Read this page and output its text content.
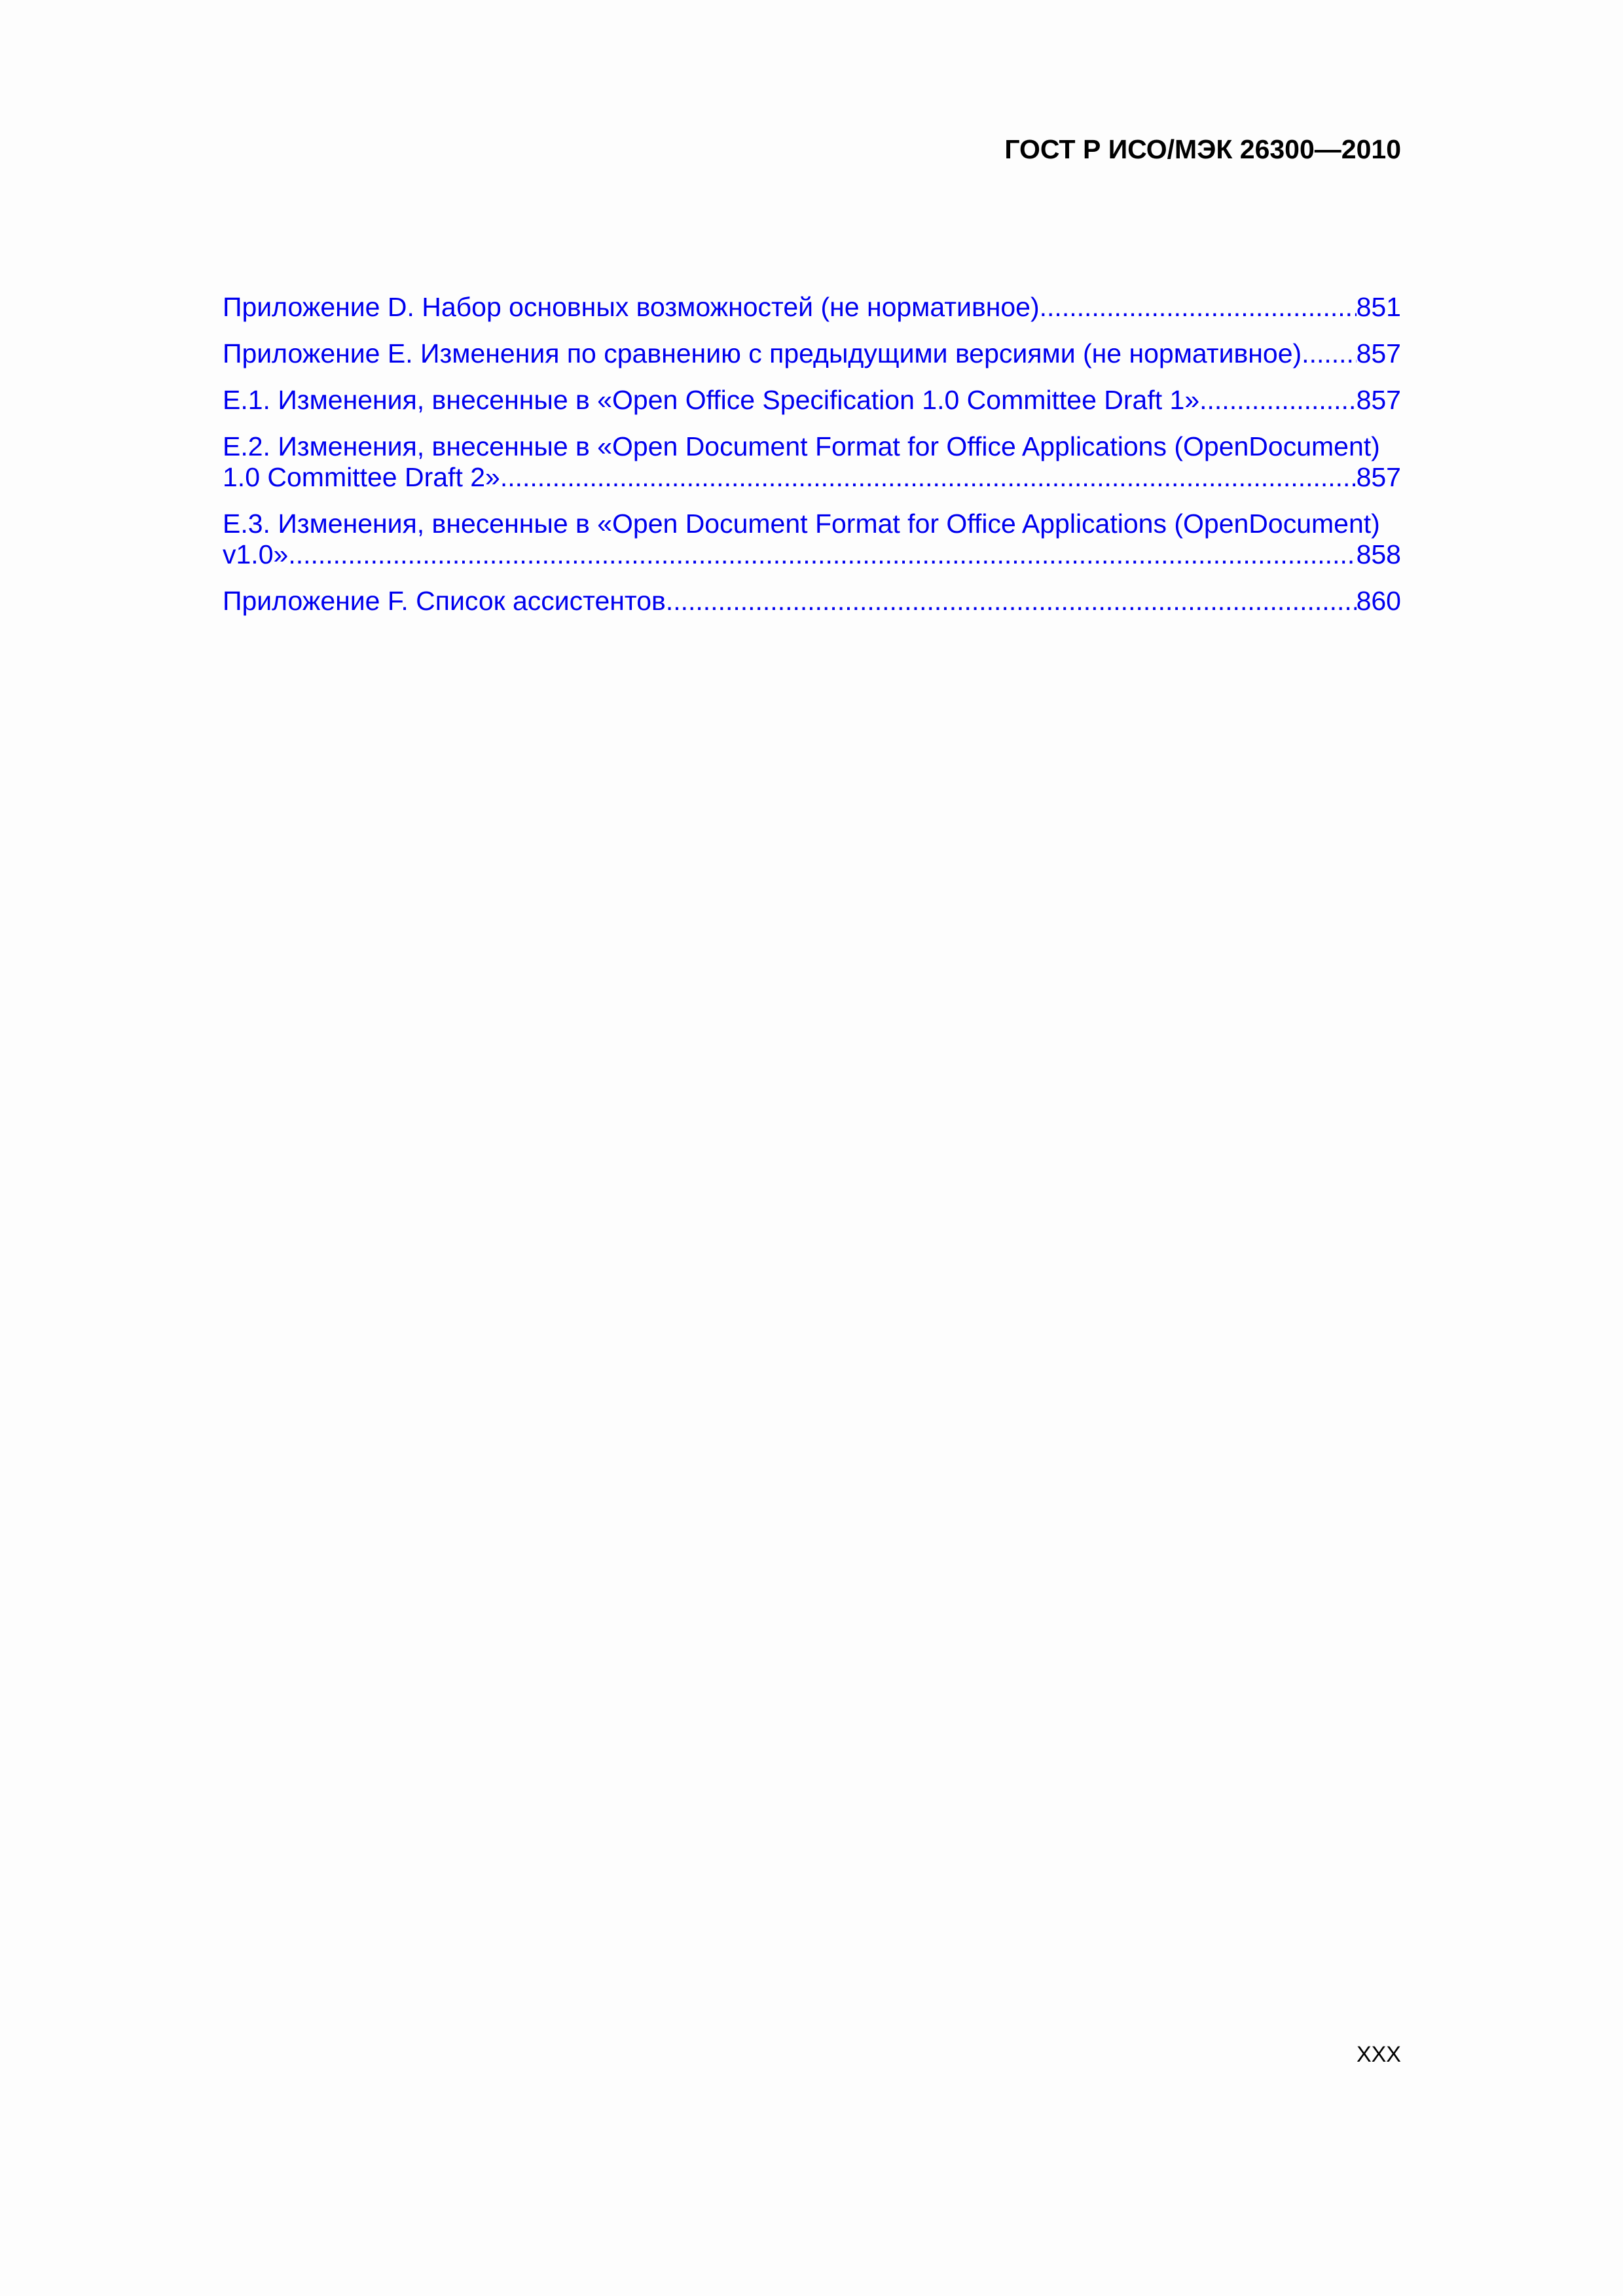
ГОСТ Р ИСО/МЭК 26300—2010
Приложение D. Набор основных возможностей (не нормативное) .....	851
Приложение E. Изменения по сравнению с предыдущими версиями (не нормативное) ..... 857
E.1. Изменения, внесенные в «Open Office Specification 1.0 Committee Draft 1» .....	857
E.2. Изменения, внесенные в «Open Document Format for Office Applications (OpenDocument)
1.0 Committee Draft 2» .....	857
E.3. Изменения, внесенные в «Open Document Format for Office Applications (OpenDocument)
v1.0» .....	858
Приложение F. Список ассистентов .....	860
XXX
